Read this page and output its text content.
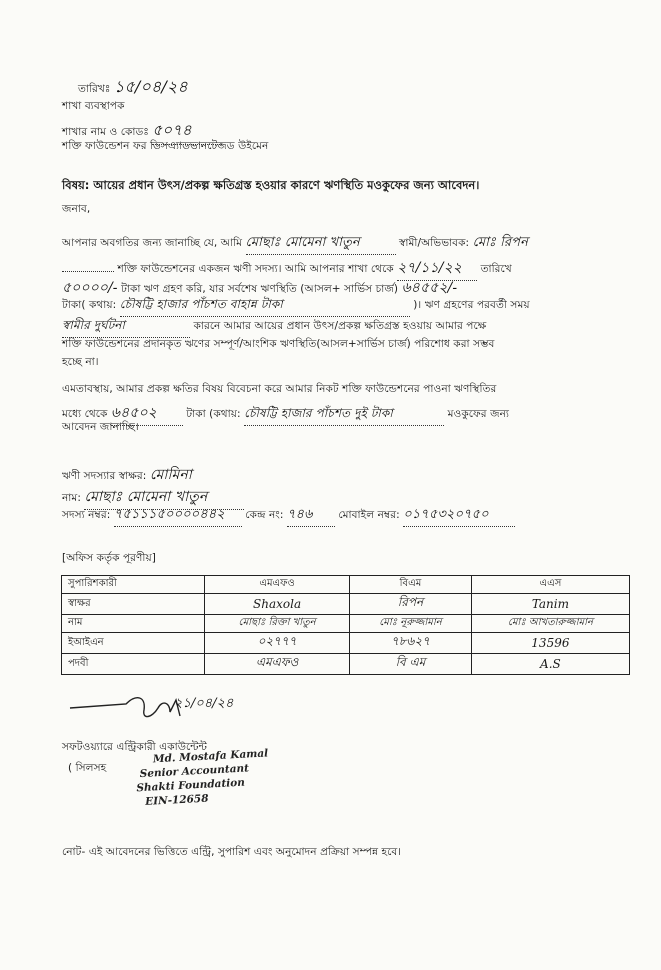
তারিখঃ ১৫/০৪/২৪
শাখা ব্যবস্থাপক
শাখার নাম ও কোডঃ ৫০৭৪
শক্তি ফাউন্ডেশন ফর ডিসএ্যাডভানটেজড উইমেন
বিষয়: আয়ের প্রধান উৎস/প্রকল্প ক্ষতিগ্রস্ত হওয়ার কারণে ঋণস্থিতি মওকুফের জন্য আবেদন।
জনাব,
আপনার অবগতির জন্য জানাচ্ছি যে, আমি মোছাঃ মোমেনা খাতুন	স্বামী/অভিভাবক: মোঃ রিপন
শক্তি ফাউন্ডেশনের একজন ঋণী সদস্য। আমি আপনার শাখা থেকে ২৭/১১/২২ তারিখে
৫০০০০/- টাকা ঋণ গ্রহণ করি, যার সর্বশেষ ঋণস্থিতি (আসল+ সার্ভিস চার্জ) ৬৪৫৫২/-
টাকা( কথায়: চৌষট্টি হাজার পাঁচশত বাহান্ন টাকা	)। ঋণ গ্রহণের পরবর্তী সময়
স্বামীর দুর্ঘটনা	কারনে আমার আয়ের প্রধান উৎস/প্রকল্প ক্ষতিগ্রস্ত হওয়ায় আমার পক্ষে
শক্তি ফাউন্ডেশনের প্রদানকৃত ঋণের সম্পূর্ণ/আংশিক ঋণস্থিতি(আসল+সার্ভিস চার্জ) পরিশোধ করা সম্ভব
হচ্ছে না।
এমতাবস্থায়, আমার প্রকল্প ক্ষতির বিষয় বিবেচনা করে আমার নিকট শক্তি ফাউন্ডেশনের পাওনা ঋণস্থিতির
মধ্যে থেকে ৬৪৫০২	টাকা (কথায়: চৌষট্টি হাজার পাঁচশত দুই টাকা	মওকুফের জন্য
আবেদন জানাচ্ছি।
ঋণী সদস্যার স্বাক্ষর: মোমিনা
নাম: মোছাঃ মোমেনা খাতুন
সদস্য নম্বর: ৭৫১১১৫০০০০৪৪২ কেন্দ্র নং: ৭৪৬ মোবাইল নম্বর: ০১৭৫৩২০৭৫০
[অফিস কর্তৃক পূরণীয়]
সুপারিশকারী	এমএফও	বিএম	এএস
স্বাক্ষর	Shaxola	রিপন	Tanim
নাম	মোছাঃ রিক্তা খাতুন	মোঃ নূরুজ্জামান	মোঃ আখতারুজ্জামান
ইআইএন	০২৭৭৭	৭৮৬২৭	13596
পদবী	এমএফও	বি এম	A.S
২১/০৪/২৪
সফটওয়্যারে এন্ট্রিকারী একাউন্টেন্ট
( সিলসহ
Md. Mostafa Kamal
Senior Accountant
Shakti Foundation
EIN-12658
নোট- এই আবেদনের ভিত্তিতে এন্ট্রি, সুপারিশ এবং অনুমোদন প্রক্রিয়া সম্পন্ন হবে।
